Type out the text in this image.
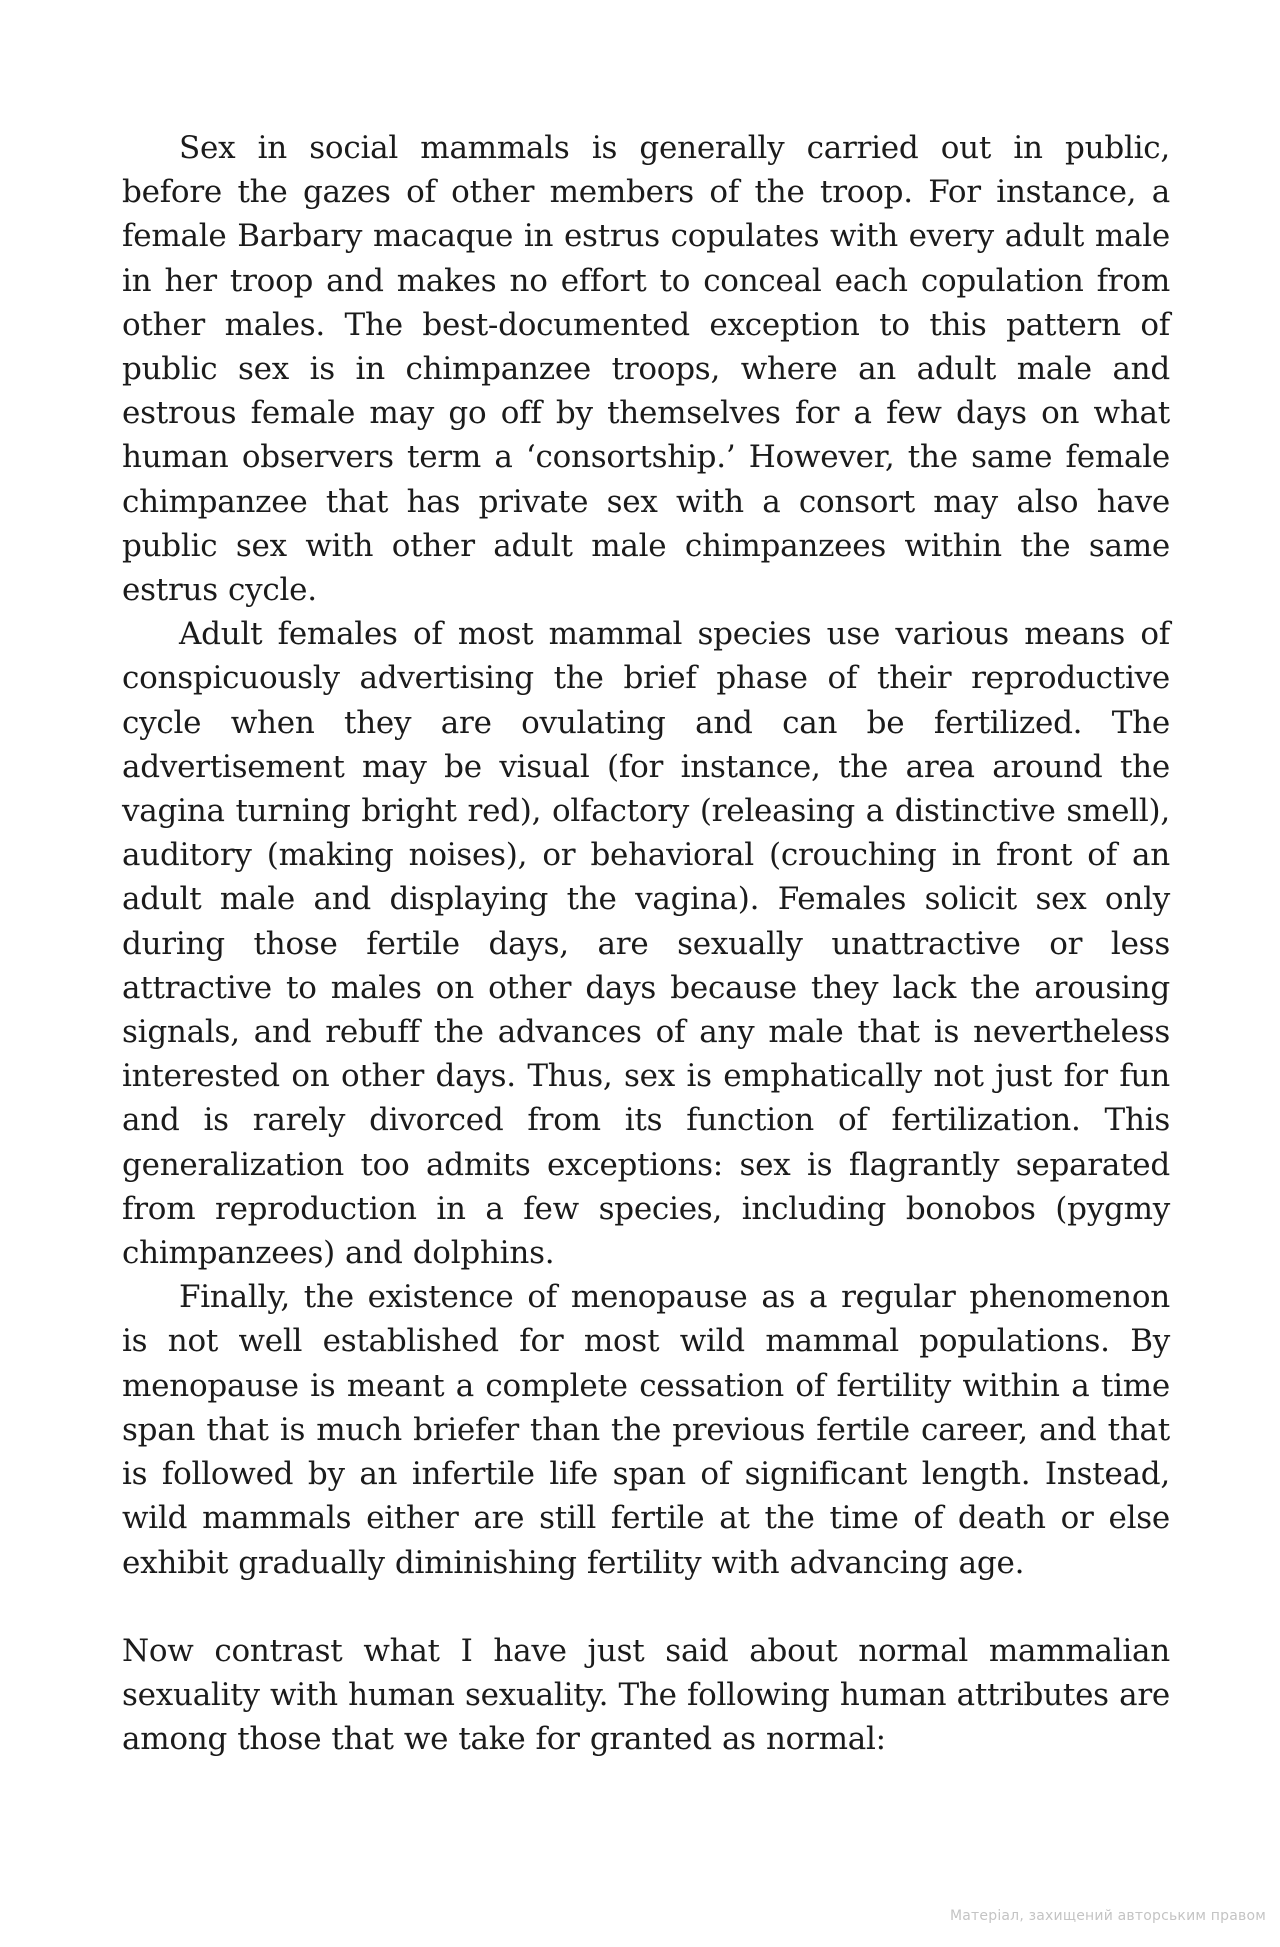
Sex in social mammals is generally carried out in public, before the gazes of other members of the troop. For instance, a female Barbary macaque in estrus copulates with every adult male in her troop and makes no effort to conceal each copulation from other males. The best-documented exception to this pattern of public sex is in chimpanzee troops, where an adult male and estrous female may go off by themselves for a few days on what human observers term a ‘consortship.’ However, the same female chimpanzee that has private sex with a consort may also have public sex with other adult male chimpanzees within the same estrus cycle.

Adult females of most mammal species use various means of conspicuously advertising the brief phase of their reproductive cycle when they are ovulating and can be fertilized. The advertisement may be visual (for instance, the area around the vagina turning bright red), olfactory (releasing a distinctive smell), auditory (making noises), or behavioral (crouching in front of an adult male and displaying the vagina). Females solicit sex only during those fertile days, are sexually unattractive or less attractive to males on other days because they lack the arousing signals, and rebuff the advances of any male that is nevertheless interested on other days. Thus, sex is emphatically not just for fun and is rarely divorced from its function of fertilization. This generalization too admits exceptions: sex is flagrantly separated from reproduction in a few species, including bonobos (pygmy chimpanzees) and dolphins.

Finally, the existence of menopause as a regular phenomenon is not well established for most wild mammal populations. By menopause is meant a complete cessation of fertility within a time span that is much briefer than the previous fertile career, and that is followed by an infertile life span of significant length. Instead, wild mammals either are still fertile at the time of death or else exhibit gradually diminishing fertility with advancing age.

Now contrast what I have just said about normal mammalian sexuality with human sexuality. The following human attributes are among those that we take for granted as normal:

Матеріал, захищений авторським правом
